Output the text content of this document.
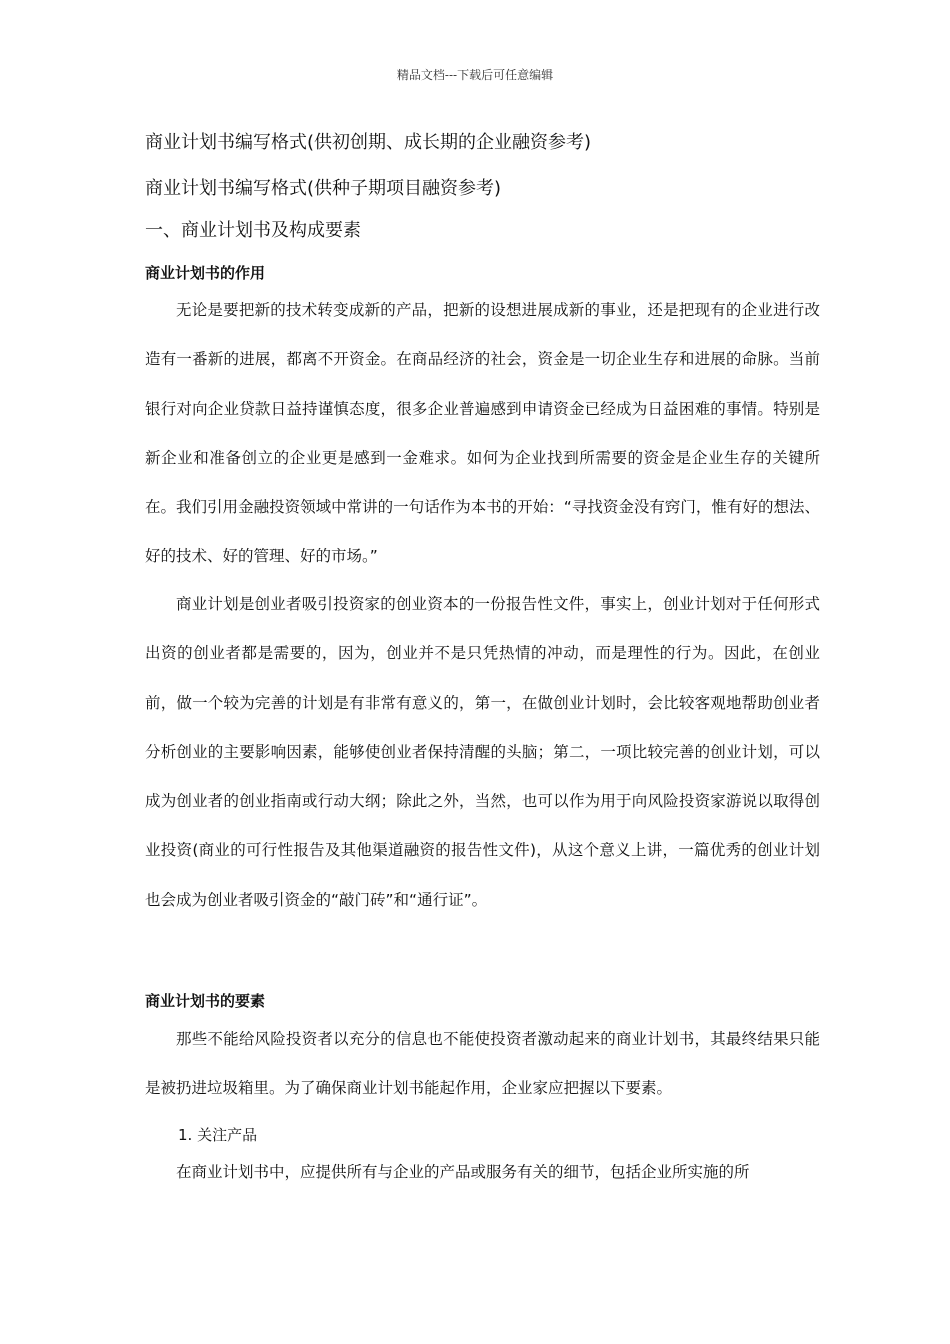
精品文档---下载后可任意编辑
商业计划书编写格式(供初创期、成长期的企业融资参考)
商业计划书编写格式(供种子期项目融资参考)
一、商业计划书及构成要素
商业计划书的作用
无论是要把新的技术转变成新的产品，把新的设想进展成新的事业，还是把现有的企业进行改造有一番新的进展，都离不开资金。在商品经济的社会，资金是一切企业生存和进展的命脉。当前银行对向企业贷款日益持谨慎态度，很多企业普遍感到申请资金已经成为日益困难的事情。特别是新企业和准备创立的企业更是感到一金难求。如何为企业找到所需要的资金是企业生存的关键所在。我们引用金融投资领域中常讲的一句话作为本书的开始：“寻找资金没有窍门，惟有好的想法、好的技术、好的管理、好的市场。”
商业计划是创业者吸引投资家的创业资本的一份报告性文件，事实上，创业计划对于任何形式出资的创业者都是需要的，因为，创业并不是只凭热情的冲动，而是理性的行为。因此，在创业前，做一个较为完善的计划是有非常有意义的，第一，在做创业计划时，会比较客观地帮助创业者分析创业的主要影响因素，能够使创业者保持清醒的头脑；第二，一项比较完善的创业计划，可以成为创业者的创业指南或行动大纲；除此之外，当然，也可以作为用于向风险投资家游说以取得创业投资(商业的可行性报告及其他渠道融资的报告性文件)，从这个意义上讲，一篇优秀的创业计划也会成为创业者吸引资金的“敲门砖”和“通行证”。
商业计划书的要素
那些不能给风险投资者以充分的信息也不能使投资者激动起来的商业计划书，其最终结果只能是被扔进垃圾箱里。为了确保商业计划书能起作用，企业家应把握以下要素。
1. 关注产品
在商业计划书中，应提供所有与企业的产品或服务有关的细节，包括企业所实施的所
